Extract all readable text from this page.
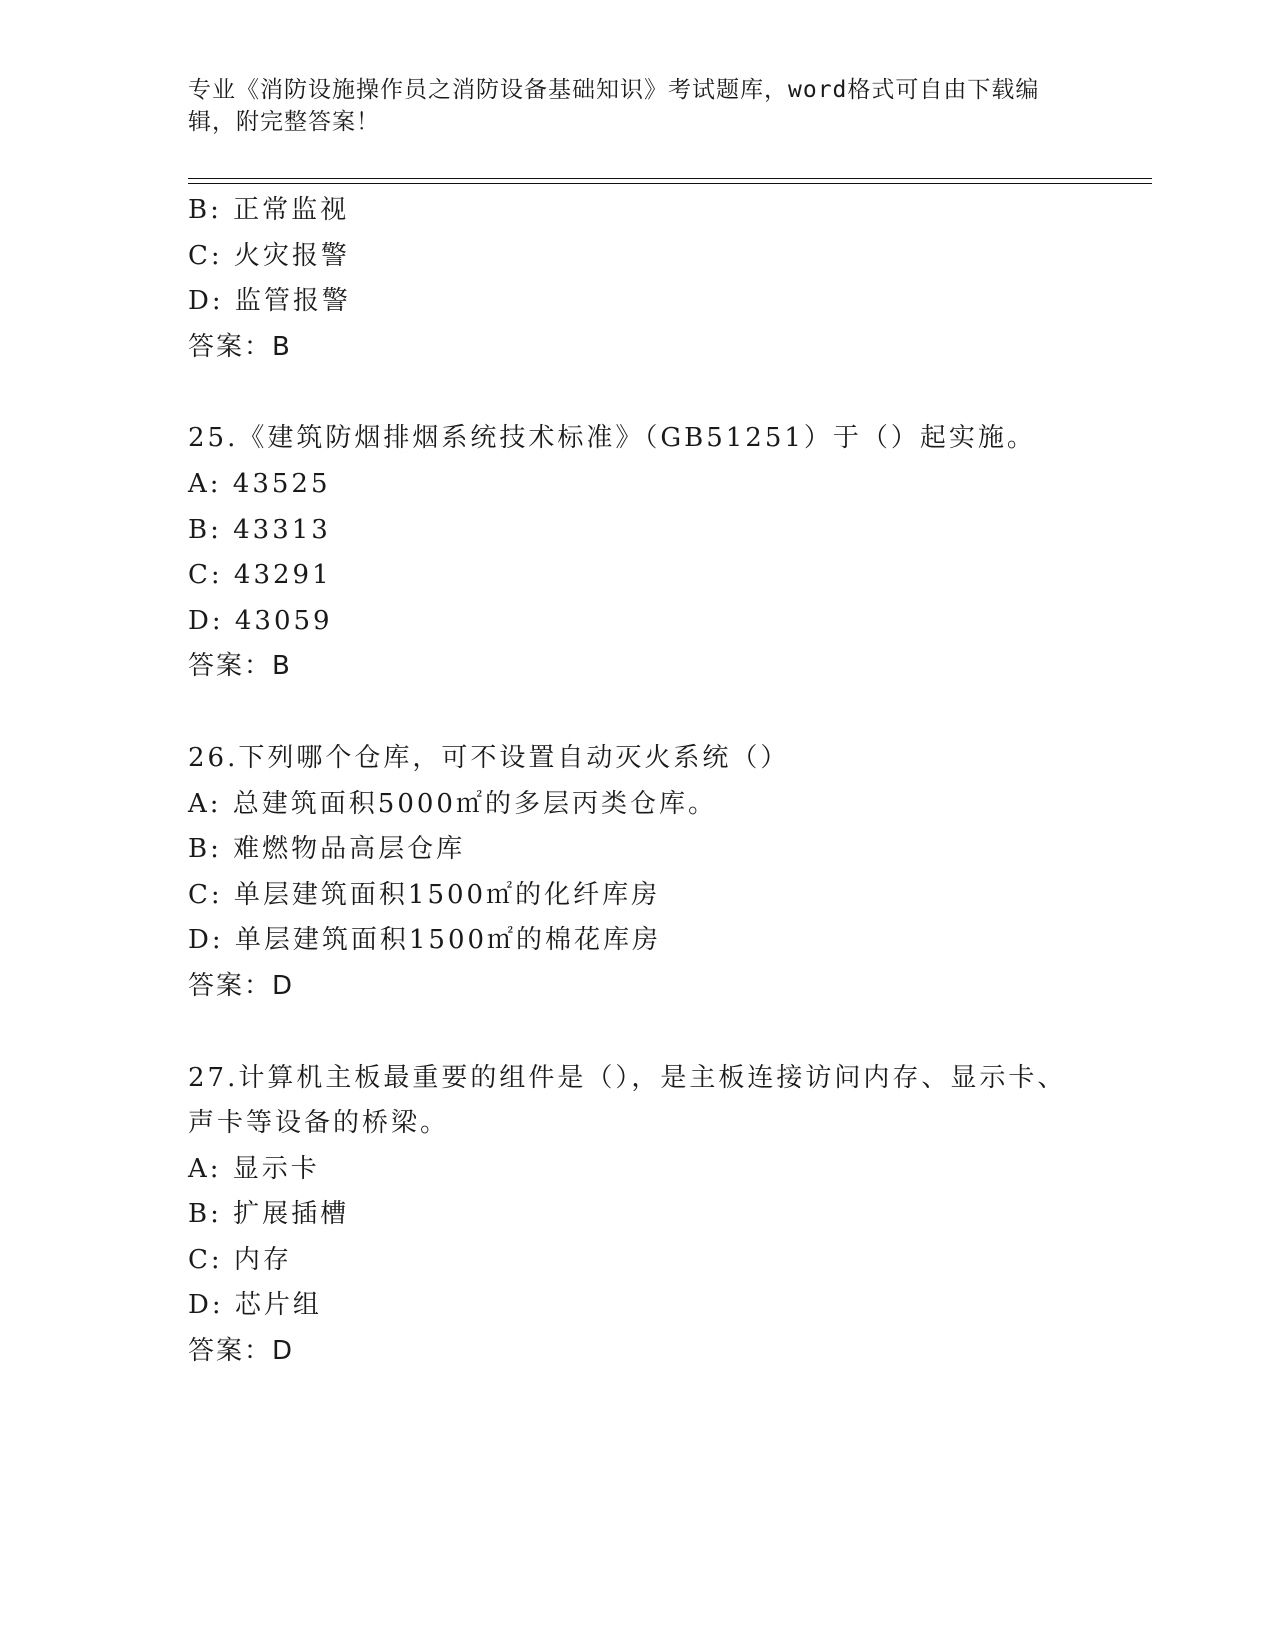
专业《消防设施操作员之消防设备基础知识》考试题库，word格式可自由下载编
辑，附完整答案！
B: 正常监视
C: 火灾报警
D: 监管报警
答案：B
25.《建筑防烟排烟系统技术标准》（GB51251）于（）起实施。
A: 43525
B: 43313
C: 43291
D: 43059
答案：B
26.下列哪个仓库，可不设置自动灭火系统（）
A: 总建筑面积5000㎡的多层丙类仓库。
B: 难燃物品高层仓库
C: 单层建筑面积1500㎡的化纤库房
D: 单层建筑面积1500㎡的棉花库房
答案：D
27.计算机主板最重要的组件是（），是主板连接访问内存、显示卡、
声卡等设备的桥梁。
A: 显示卡
B: 扩展插槽
C: 内存
D: 芯片组
答案：D
